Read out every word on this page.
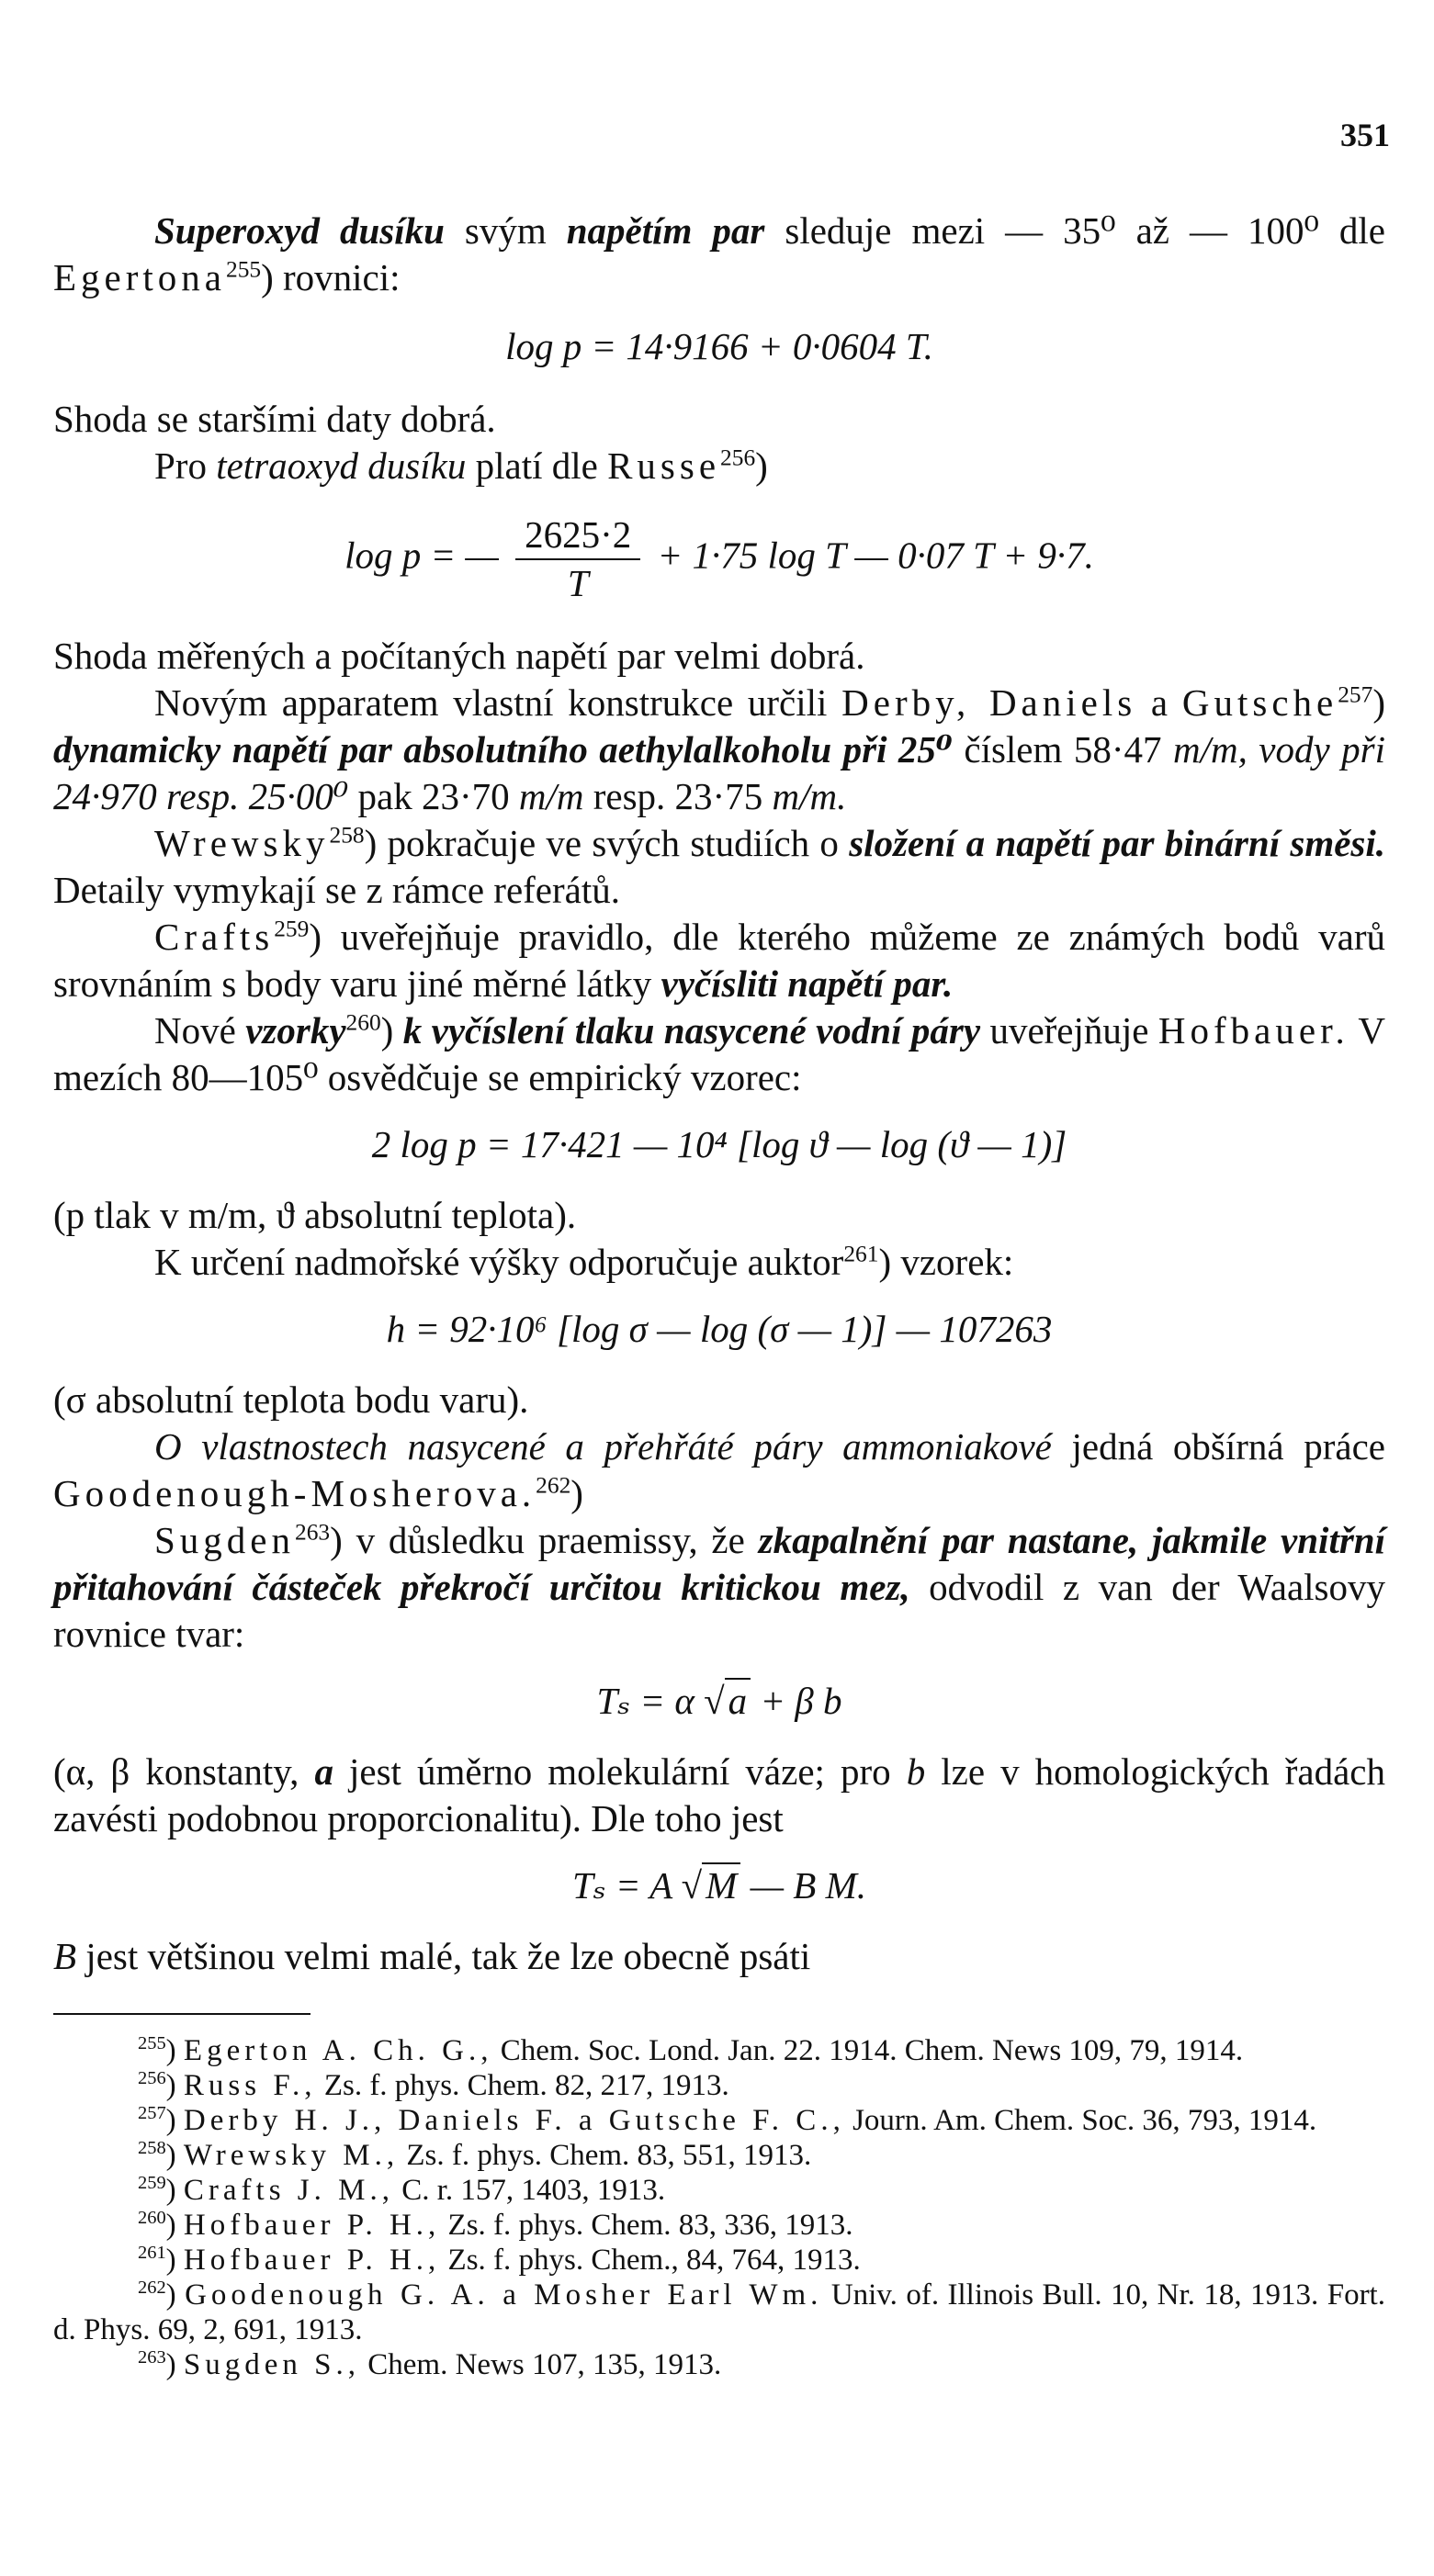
351

Superoxyd dusíku svým napětím par sleduje mezi — 35⁰ až — 100⁰ dle Egertona$^{255}$) rovnici:

log p = 14·9166 + 0·0604 T.

Shoda se staršími daty dobrá.

Pro tetraoxyd dusíku platí dle Russe$^{256}$)

log p = — $\frac{2625\cdot 2}{T} + 1\cdot 75$ log T — 0·07 T + 9·7.

Shoda měřených a počítaných napětí par velmi dobrá.

Novým apparatem vlastní konstrukce určili Derby, Daniels a Gutsche$^{257}$) dynamicky napětí par absolutního aethylalkoholu při 25⁰ číslem 58·47 m/m, vody při 24·970 resp. 25·00⁰ pak 23·70 m/m resp. 23·75 m/m.

Wrewsky$^{258}$) pokračuje ve svých studiích o složení a napětí par binární směsi. Detaily vymykají se z rámce referátů.

Crafts$^{259}$) uveřejňuje pravidlo, dle kterého můžeme ze známých bodů varů srovnáním s body varu jiné měrné látky vyčísliti napětí par.

Nové vzorky$^{260}$) k vyčíslení tlaku nasycené vodní páry uveřejňuje Hofbauer. V mezích 80—105⁰ osvědčuje se empirický vzorec:

2 log p = 17·421 — 10⁴ [log ϑ — log (ϑ — 1)]

(p tlak v m/m, ϑ absolutní teplota).

K určení nadmořské výšky odporučuje auktor$^{261}$) vzorek:

h = 92·10⁶ [log σ — log (σ — 1)] — 107263

(σ absolutní teplota bodu varu).

O vlastnostech nasycené a přehřáté páry ammoniakové jedná obšírná práce Goodenough-Mosherova.$^{262}$)

Sugden$^{263}$) v důsledku praemissy, že zkapalnění par nastane, jakmile vnitřní přitahování částeček překročí určitou kritickou mez, odvodil z van der Waalsovy rovnice tvar:

Tₛ = α √a + β b

(α, β konstanty, a jest úměrno molekulární váze; pro b lze v homologických řadách zavésti podobnou proporcionalitu). Dle toho jest

Tₛ = A √M — B M.

B jest většinou velmi malé, tak že lze obecně psáti

$^{255}$) Egerton A. Ch. G., Chem. Soc. Lond. Jan. 22. 1914. Chem. News 109, 79, 1914.

$^{256}$) Russ F., Zs. f. phys. Chem. 82, 217, 1913.

$^{257}$) Derby H. J., Daniels F. a Gutsche F. C., Journ. Am. Chem. Soc. 36, 793, 1914.

$^{258}$) Wrewsky M., Zs. f. phys. Chem. 83, 551, 1913.

$^{259}$) Crafts J. M., C. r. 157, 1403, 1913.

$^{260}$) Hofbauer P. H., Zs. f. phys. Chem. 83, 336, 1913.

$^{261}$) Hofbauer P. H., Zs. f. phys. Chem., 84, 764, 1913.

$^{262}$) Goodenough G. A. a Mosher Earl Wm. Univ. of. Illinois Bull. 10, Nr. 18, 1913. Fort. d. Phys. 69, 2, 691, 1913.

$^{263}$) Sugden S., Chem. News 107, 135, 1913.
